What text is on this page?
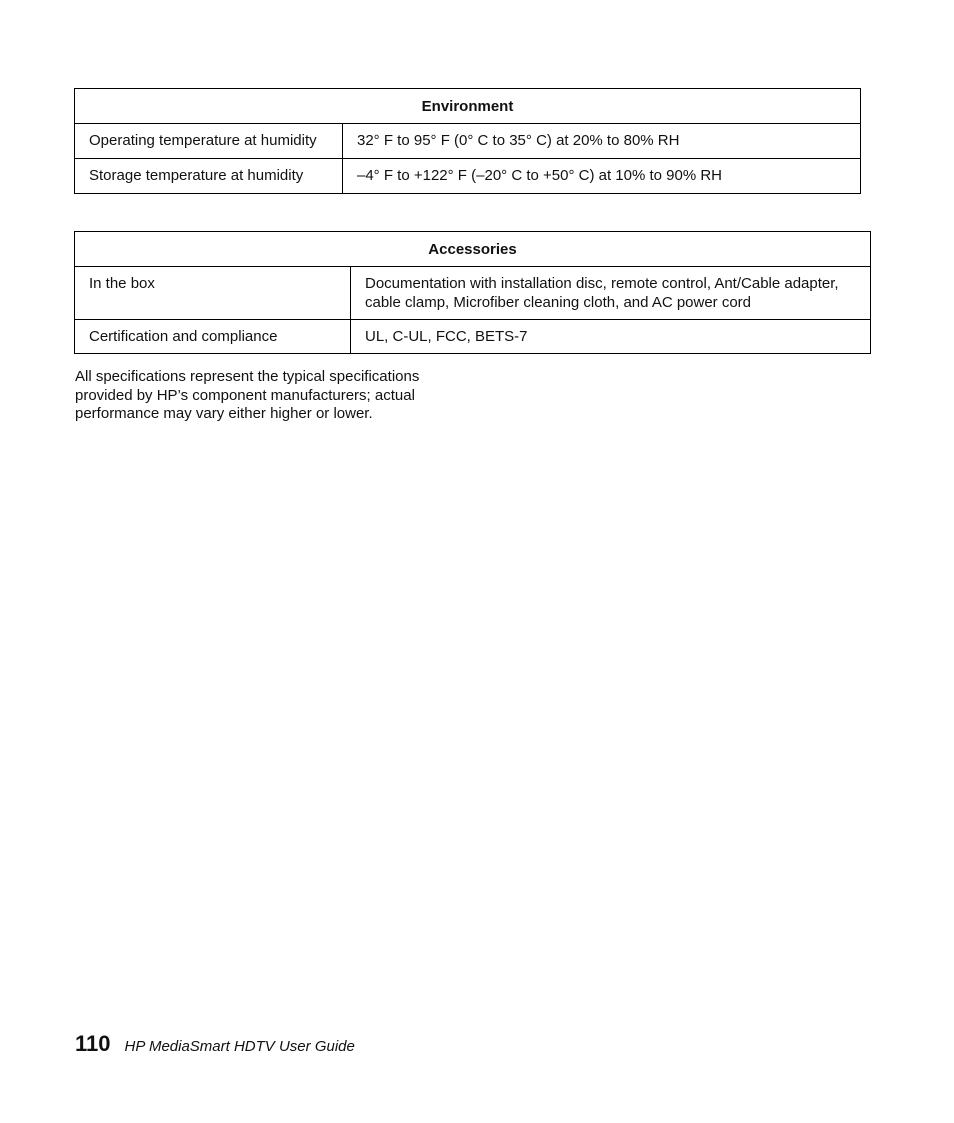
Environment	
Operating temperature at humidity	32° F to 95° F (0° C to 35° C) at 20% to 80% RH
Storage temperature at humidity	–4° F to +122° F (–20° C to +50° C) at 10% to 90% RH
Accessories	
In the box	Documentation with installation disc, remote control, Ant/Cable adapter, cable clamp, Microfiber cleaning cloth, and AC power cord
Certification and compliance	UL, C-UL, FCC, BETS-7

All specifications represent the typical specifications provided by HP’s component manufacturers; actual performance may vary either higher or lower.

110 HP MediaSmart HDTV User Guide
